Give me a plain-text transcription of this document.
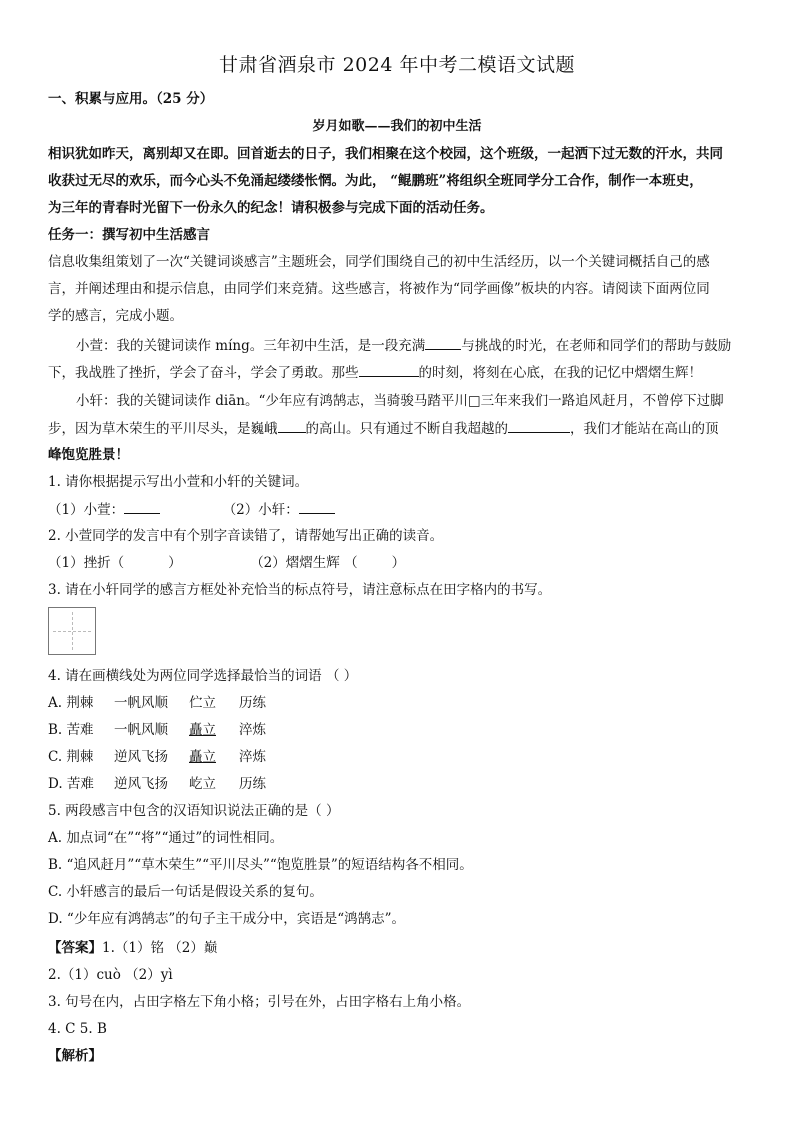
甘肃省酒泉市 2024 年中考二模语文试题
一、积累与应用。（25 分）
岁月如歌——我们的初中生活
相识犹如昨天，离别却又在即。回首逝去的日子，我们相聚在这个校园，这个班级，一起洒下过无数的汗水，共同
收获过无尽的欢乐，而今心头不免涌起缕缕怅惘。为此， “鲲鹏班”将组织全班同学分工合作，制作一本班史，
为三年的青春时光留下一份永久的纪念！请积极参与完成下面的活动任务。
任务一：撰写初中生活感言
信息收集组策划了一次“关键词谈感言”主题班会，同学们围绕自己的初中生活经历，以一个关键词概括自己的感
言，并阐述理由和提示信息，由同学们来竞猜。这些感言，将被作为“同学画像”板块的内容。请阅读下面两位同
学的感言，完成小题。
小萱：我的关键词读作 míng。三年初中生活，是一段充满	与挑战的时光，在老师和同学们的帮助与鼓励
下，我战胜了挫折，学会了奋斗，学会了勇敢。那些	的时刻，将刻在心底，在我的记忆中熠熠生辉！
小轩：我的关键词读作 diān。“少年应有鸿鹄志，当骑骏马踏平川□三年来我们一路追风赶月，不曾停下过脚
步，因为草木荣生的平川尽头，是巍峨 的高山。只有通过不断自我超越的	，我们才能站在高山的顶
峰饱览胜景！
1. 请你根据提示写出小萱和小轩的关键词。
（1）小萱：	（2）小轩：
2. 小萱同学的发言中有个别字音读错了，请帮她写出正确的读音。
（1）挫折（	）	（2）熠熠生辉 （	）
3. 请在小轩同学的感言方框处补充恰当的标点符号，请注意标点在田字格内的书写。
4. 请在画横线处为两位同学选择最恰当的词语 （ ）
A. 荆棘 一帆风顺 伫立 历练
B. 苦难 一帆风顺 矗立 淬炼
C. 荆棘 逆风飞扬 矗立 淬炼
D. 苦难 逆风飞扬 屹立 历练
5. 两段感言中包含的汉语知识说法正确的是（ ）
A. 加点词“在”“将”“通过”的词性相同。
B. “追风赶月”“草木荣生”“平川尽头”“饱览胜景”的短语结构各不相同。
C. 小轩感言的最后一句话是假设关系的复句。
D. “少年应有鸿鹄志”的句子主干成分中，宾语是“鸿鹄志”。
【答案】1.（1）铭 （2）巅
2.（1）cuò （2）yì
3. 句号在内，占田字格左下角小格；引号在外，占田字格右上角小格。
4. C 5. B
【解析】
